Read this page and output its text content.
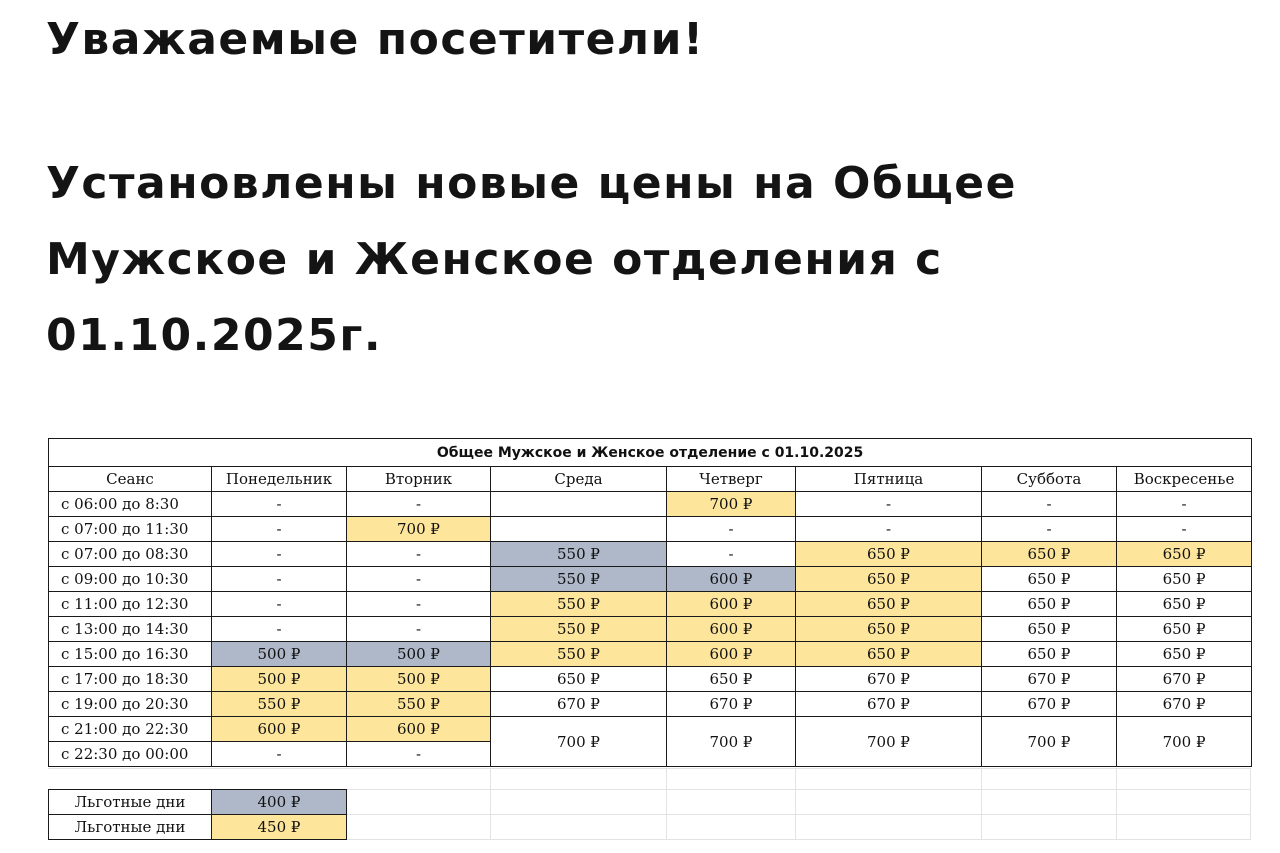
Уважаемые посетители!
Установлены новые цены на Общее
Мужское и Женское отделения с
01.10.2025г.
Общее Мужское и Женское отделение с 01.10.2025							
Сеанс	Понедельник	Вторник	Среда	Четверг	Пятница	Суббота	Воскресенье
с 06:00 до 8:30	-	-		700 ₽	-	-	-
с 07:00 до 11:30	-	700 ₽		-	-	-	-
с 07:00 до 08:30	-	-	550 ₽	-	650 ₽	650 ₽	650 ₽
с 09:00 до 10:30	-	-	550 ₽	600 ₽	650 ₽	650 ₽	650 ₽
с 11:00 до 12:30	-	-	550 ₽	600 ₽	650 ₽	650 ₽	650 ₽
с 13:00 до 14:30	-	-	550 ₽	600 ₽	650 ₽	650 ₽	650 ₽
с 15:00 до 16:30	500 ₽	500 ₽	550 ₽	600 ₽	650 ₽	650 ₽	650 ₽
с 17:00 до 18:30	500 ₽	500 ₽	650 ₽	650 ₽	670 ₽	670 ₽	670 ₽
с 19:00 до 20:30	550 ₽	550 ₽	670 ₽	670 ₽	670 ₽	670 ₽	670 ₽
с 21:00 до 22:30	600 ₽	600 ₽	700 ₽	700 ₽	700 ₽	700 ₽	700 ₽
с 22:30 до 00:00	-	-					
Льготные дни	400 ₽
Льготные дни	450 ₽
